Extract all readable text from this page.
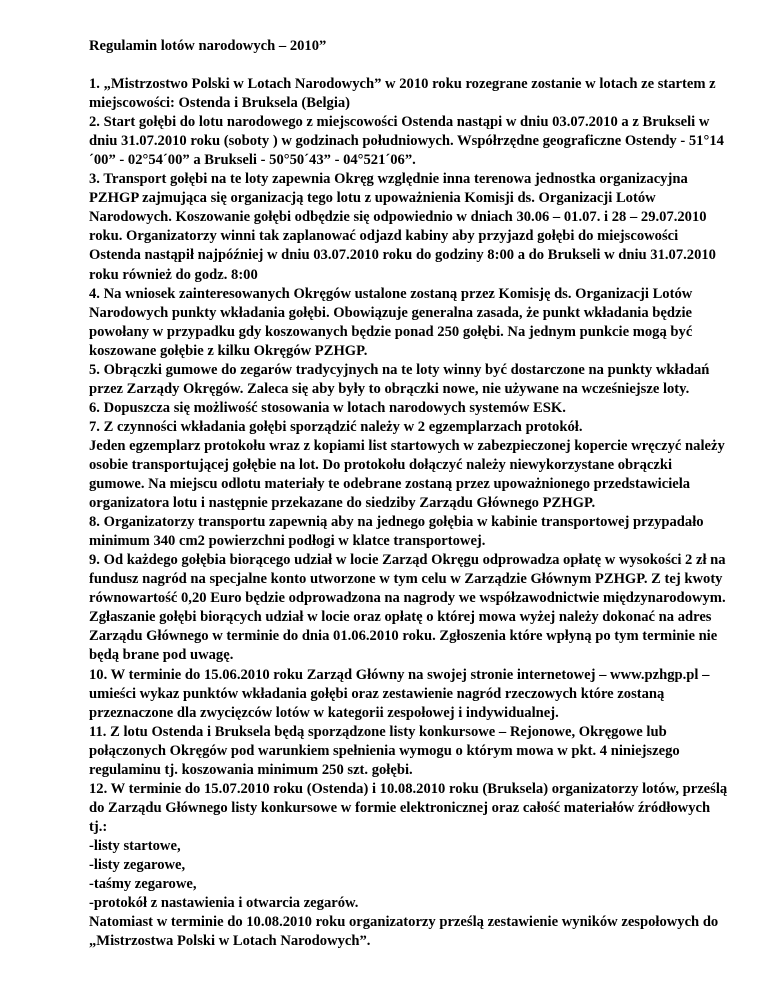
Regulamin lotów narodowych – 2010”
1. „Mistrzostwo Polski w Lotach Narodowych” w 2010 roku rozegrane zostanie w lotach ze startem z miejscowości: Ostenda i Bruksela (Belgia)
2. Start gołębi do lotu narodowego z miejscowości Ostenda nastąpi w dniu 03.07.2010 a z Brukseli w dniu 31.07.2010 roku (soboty ) w godzinach południowych. Współrzędne geograficzne Ostendy - 51°14´00” - 02°54´00” a Brukseli - 50°50´43” - 04°521´06”.
3. Transport gołębi na te loty zapewnia Okręg względnie inna terenowa jednostka organizacyjna PZHGP zajmująca się organizacją tego lotu z upoważnienia Komisji ds. Organizacji Lotów Narodowych. Koszowanie gołębi odbędzie się odpowiednio w dniach 30.06 – 01.07. i 28 – 29.07.2010 roku. Organizatorzy winni tak zaplanować odjazd kabiny aby przyjazd gołębi do miejscowości Ostenda nastąpił najpóźniej w dniu 03.07.2010 roku do godziny 8:00 a do Brukseli w dniu 31.07.2010 roku również do godz. 8:00
4. Na wniosek zainteresowanych Okręgów ustalone zostaną przez Komisję ds. Organizacji Lotów Narodowych punkty wkładania gołębi. Obowiązuje generalna zasada, że punkt wkładania będzie powołany w przypadku gdy koszowanych będzie ponad 250 gołębi. Na jednym punkcie mogą być koszowane gołębie z kilku Okręgów PZHGP.
5. Obrączki gumowe do zegarów tradycyjnych na te loty winny być dostarczone na punkty wkładań przez Zarządy Okręgów. Zaleca się aby były to obrączki nowe, nie używane na wcześniejsze loty.
6. Dopuszcza się możliwość stosowania w lotach narodowych systemów ESK.
7. Z czynności wkładania gołębi sporządzić należy w 2 egzemplarzach protokół.
Jeden egzemplarz protokołu wraz z kopiami list startowych w zabezpieczonej kopercie wręczyć należy osobie transportującej gołębie na lot. Do protokołu dołączyć należy niewykorzystane obrączki gumowe. Na miejscu odlotu materiały te odebrane zostaną przez upoważnionego przedstawiciela organizatora lotu i następnie przekazane do siedziby Zarządu Głównego PZHGP.
8. Organizatorzy transportu zapewnią aby na jednego gołębia w kabinie transportowej przypadało minimum 340 cm2 powierzchni podłogi w klatce transportowej.
9. Od każdego gołębia biorącego udział w locie Zarząd Okręgu odprowadza opłatę w wysokości 2 zł na fundusz nagród na specjalne konto utworzone w tym celu w Zarządzie Głównym PZHGP. Z tej kwoty równowartość 0,20 Euro będzie odprowadzona na nagrody we współzawodnictwie międzynarodowym.
Zgłaszanie gołębi biorących udział w locie oraz opłatę o której mowa wyżej należy dokonać na adres Zarządu Głównego w terminie do dnia 01.06.2010 roku. Zgłoszenia które wpłyną po tym terminie nie będą brane pod uwagę.
10. W terminie do 15.06.2010 roku Zarząd Główny na swojej stronie internetowej – www.pzhgp.pl – umieści wykaz punktów wkładania gołębi oraz zestawienie nagród rzeczowych które zostaną przeznaczone dla zwycięzców lotów w kategorii zespołowej i indywidualnej.
11. Z lotu Ostenda i Bruksela będą sporządzone listy konkursowe – Rejonowe, Okręgowe lub połączonych Okręgów pod warunkiem spełnienia wymogu o którym mowa w pkt. 4 niniejszego regulaminu tj. koszowania minimum 250 szt. gołębi.
12. W terminie do 15.07.2010 roku (Ostenda) i 10.08.2010 roku (Bruksela) organizatorzy lotów, prześlą do Zarządu Głównego listy konkursowe w formie elektronicznej oraz całość materiałów źródłowych tj.:
-listy startowe,
-listy zegarowe,
-taśmy zegarowe,
-protokół z nastawienia i otwarcia zegarów.
Natomiast w terminie do 10.08.2010 roku organizatorzy prześlą zestawienie wyników zespołowych do „Mistrzostwa Polski w Lotach Narodowych”.
